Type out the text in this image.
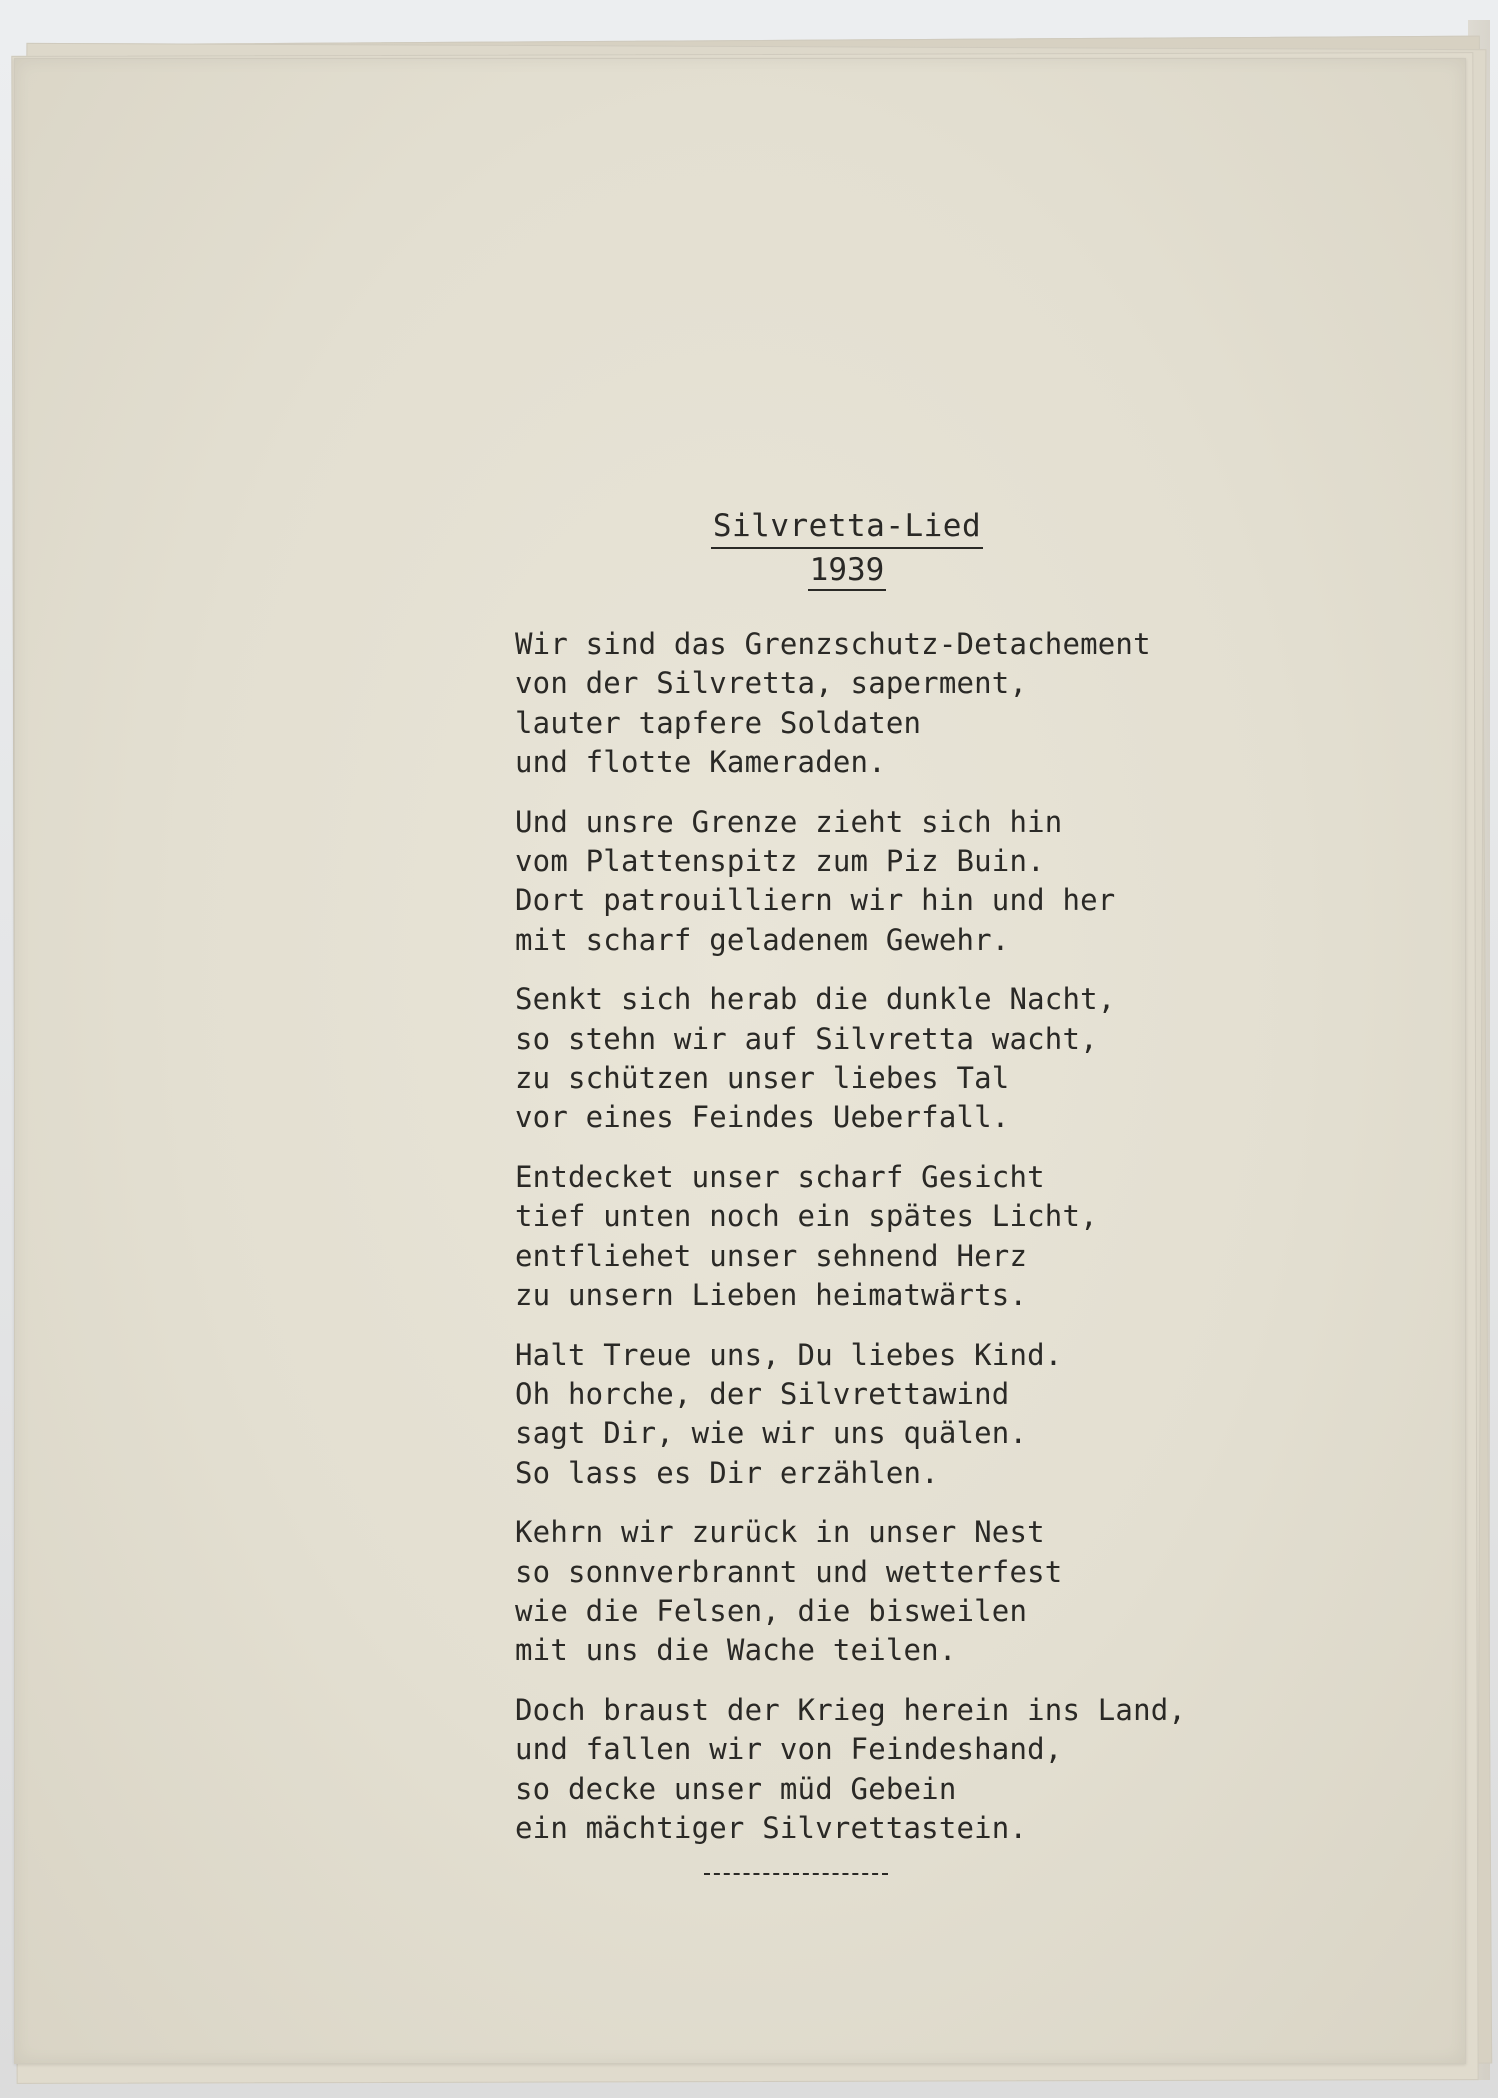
Silvretta-Lied
1939
Wir sind das Grenzschutz-Detachement
von der Silvretta, saperment,
lauter tapfere Soldaten
und flotte Kameraden.
Und unsre Grenze zieht sich hin
vom Plattenspitz zum Piz Buin.
Dort patrouilliern wir hin und her
mit scharf geladenem Gewehr.
Senkt sich herab die dunkle Nacht,
so stehn wir auf Silvretta wacht,
zu schützen unser liebes Tal
vor eines Feindes Ueberfall.
Entdecket unser scharf Gesicht
tief unten noch ein spätes Licht,
entfliehet unser sehnend Herz
zu unsern Lieben heimatwärts.
Halt Treue uns, Du liebes Kind.
Oh horche, der Silvrettawind
sagt Dir, wie wir uns quälen.
So lass es Dir erzählen.
Kehrn wir zurück in unser Nest
so sonnverbrannt und wetterfest
wie die Felsen, die bisweilen
mit uns die Wache teilen.
Doch braust der Krieg herein ins Land,
und fallen wir von Feindeshand,
so decke unser müd Gebein
ein mächtiger Silvrettastein.
